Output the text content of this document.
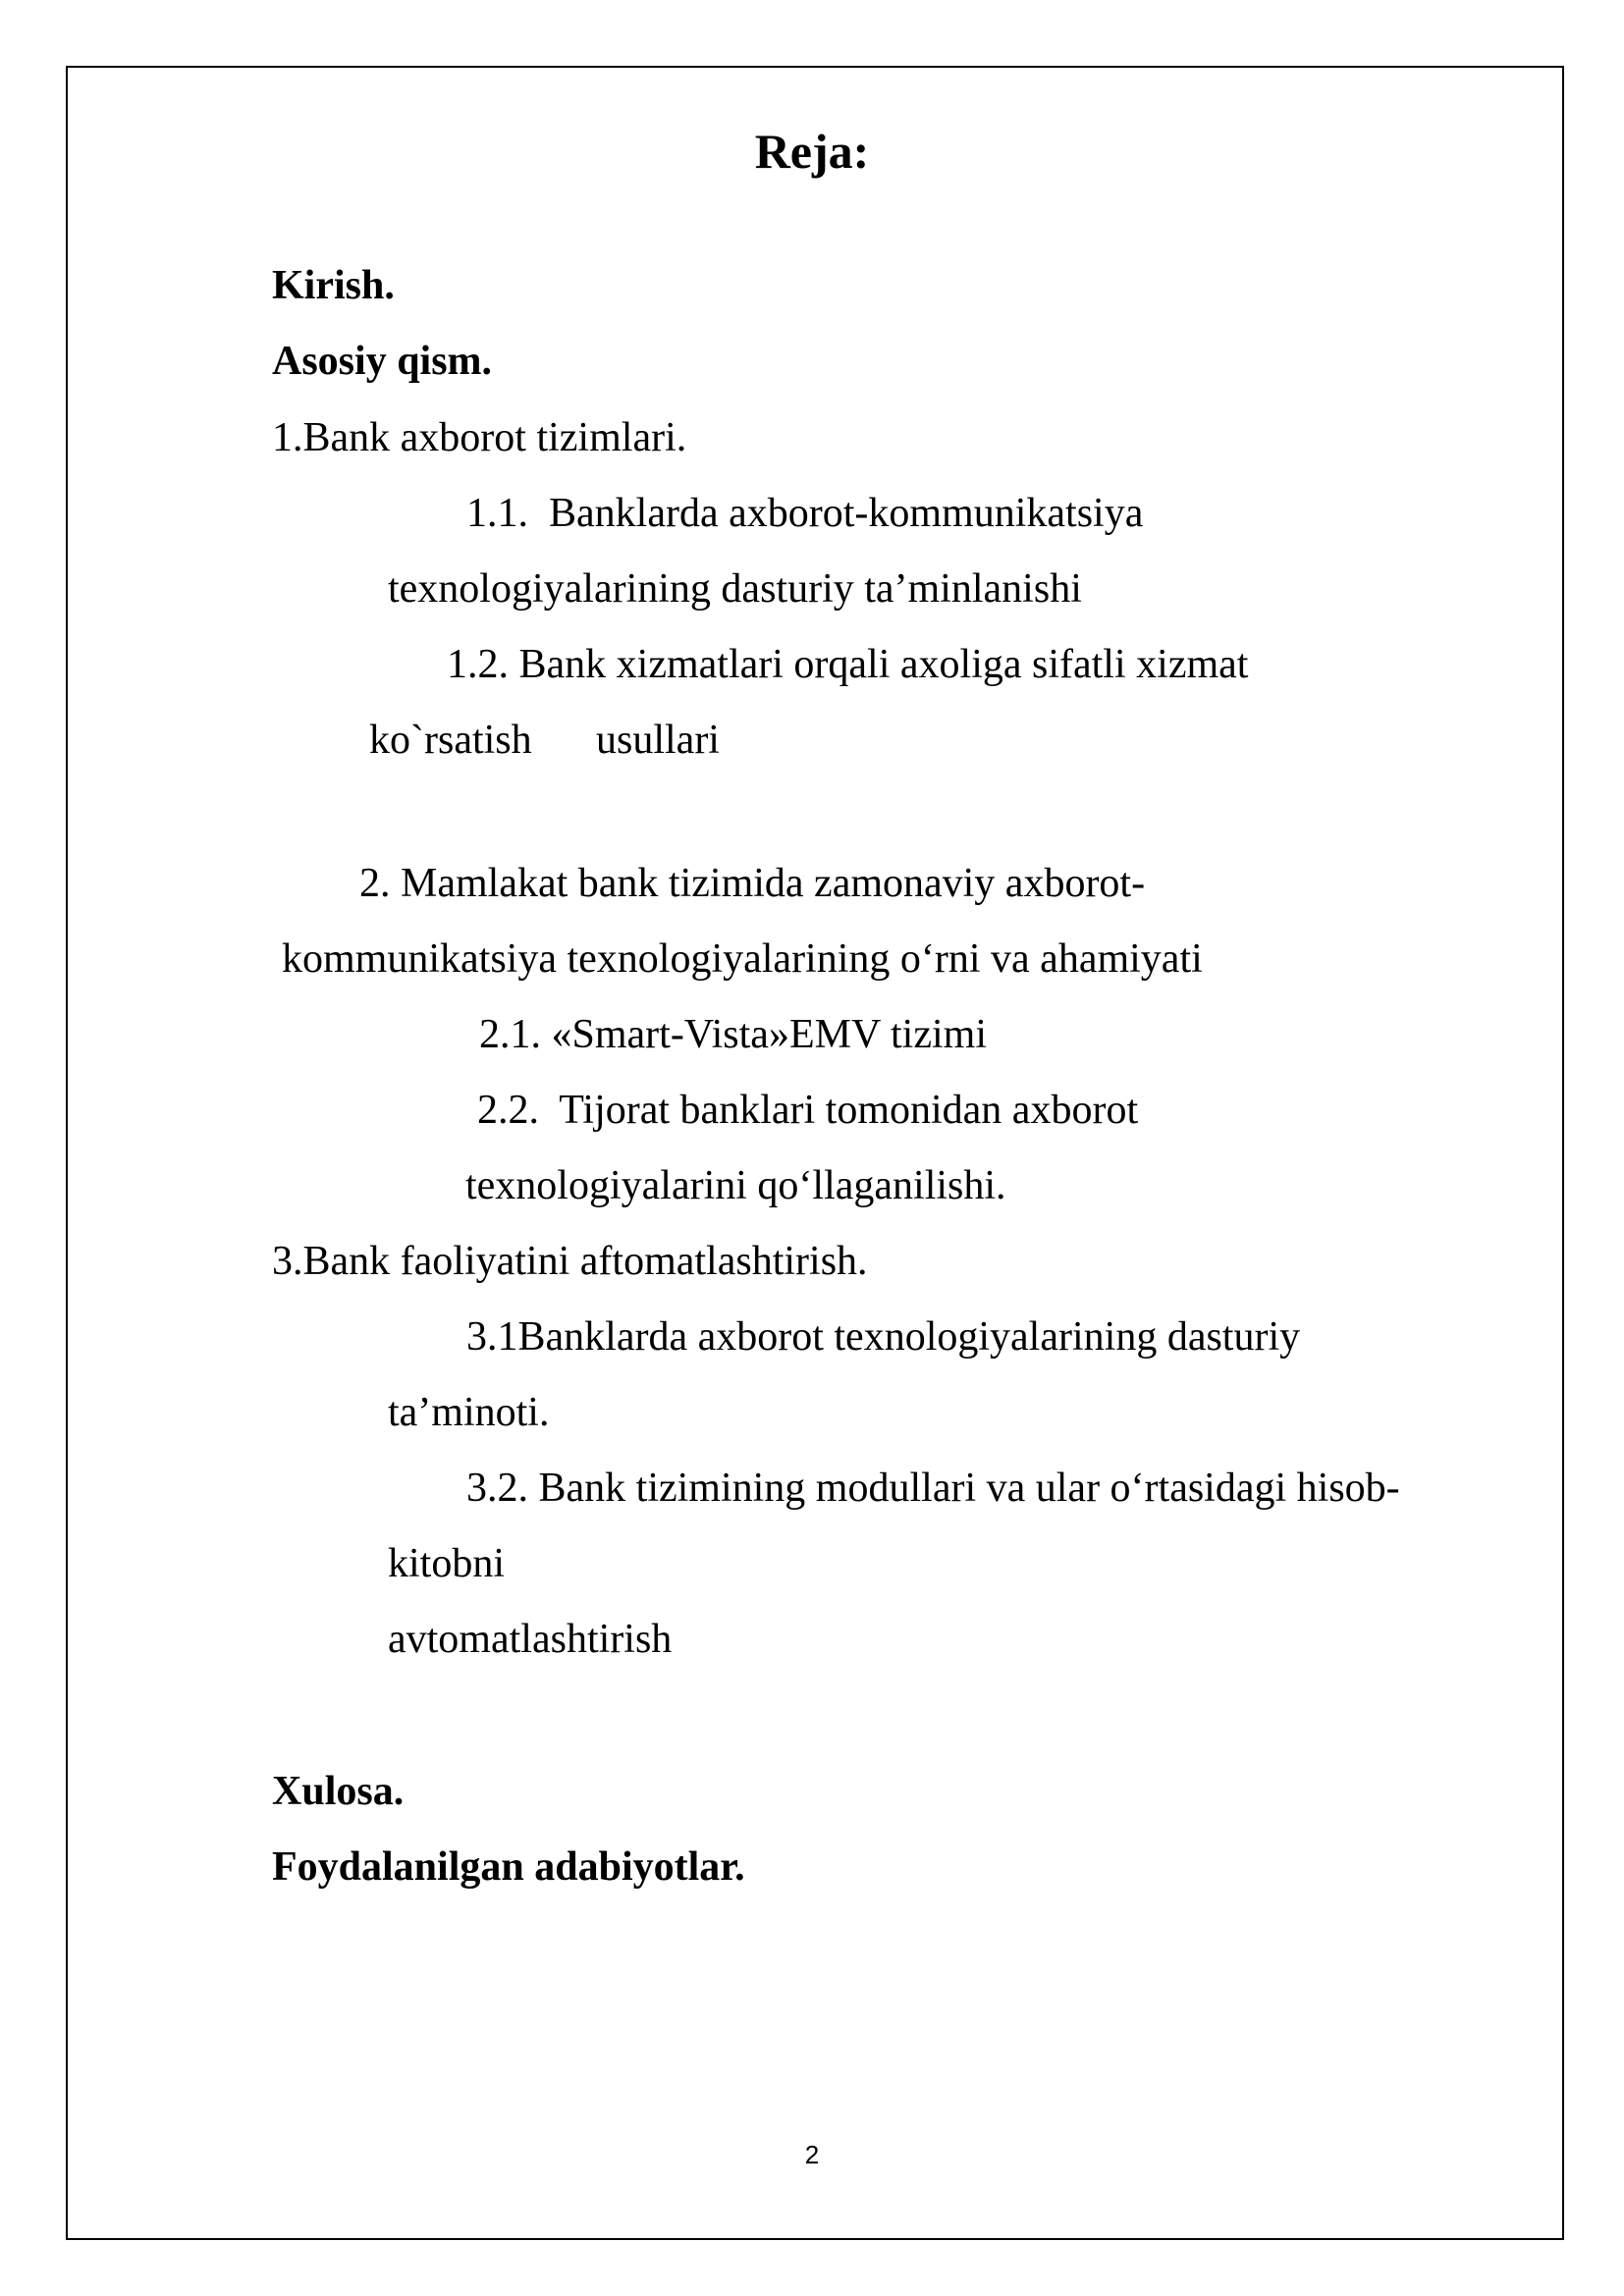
Reja:

Kirish.

Asosiy qism.

1.Bank axborot tizimlari.

1.1.  Banklarda axborot-kommunikatsiya

texnologiyalarining dasturiy ta’minlanishi

1.2. Bank xizmatlari orqali axoliga sifatli xizmat

ko`rsatish usullari

2. Mamlakat bank tizimida zamonaviy axborot-

kommunikatsiya texnologiyalarining o‘rni va ahamiyati

2.1. «Smart-Vista»EMV tizimi

2.2.  Tijorat banklari tomonidan axborot

texnologiyalarini qo‘llaganilishi.

3.Bank faoliyatini aftomatlashtirish.

3.1Banklarda axborot texnologiyalarining dasturiy

ta’minoti.

3.2. Bank tizimining modullari va ular o‘rtasidagi hisob-

kitobni

avtomatlashtirish

Xulosa.

Foydalanilgan adabiyotlar.

2
